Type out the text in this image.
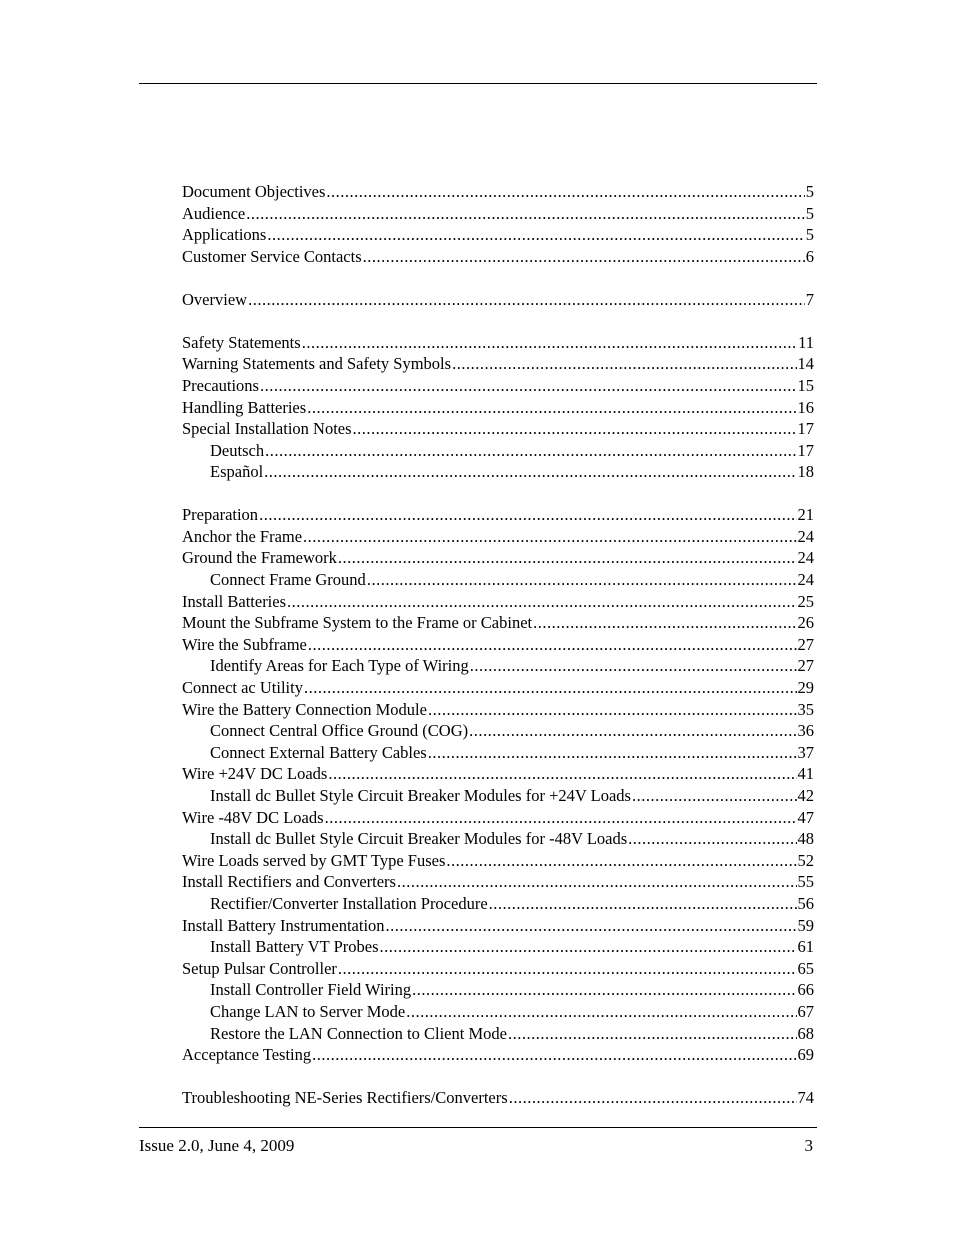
Document Objectives .....	5
Audience .....	5
Applications .....	5
Customer Service Contacts .....	6
Overview .....	7
Safety Statements .....	11
Warning Statements and Safety Symbols .....	14
Precautions .....	15
Handling Batteries .....	16
Special Installation Notes .....	17
Deutsch .....	17
Español .....	18
Preparation .....	21
Anchor the Frame .....	24
Ground the Framework .....	24
Connect Frame Ground .....	24
Install Batteries .....	25
Mount the Subframe System to the Frame or Cabinet .....	26
Wire the Subframe .....	27
Identify Areas for Each Type of Wiring .....	27
Connect ac Utility .....	29
Wire the Battery Connection Module .....	35
Connect Central Office Ground (COG) .....	36
Connect External Battery Cables .....	37
Wire +24V DC Loads .....	41
Install dc Bullet Style Circuit Breaker Modules for +24V Loads .....	42
Wire -48V DC Loads .....	47
Install dc Bullet Style Circuit Breaker Modules for -48V Loads .....	48
Wire Loads served by GMT Type Fuses .....	52
Install Rectifiers and Converters .....	55
Rectifier/Converter Installation Procedure .....	56
Install Battery Instrumentation .....	59
Install Battery VT Probes .....	61
Setup Pulsar Controller .....	65
Install Controller Field Wiring .....	66
Change LAN to Server Mode .....	67
Restore the LAN Connection to Client Mode .....	68
Acceptance Testing .....	69
Troubleshooting NE-Series Rectifiers/Converters .....	74
Issue 2.0, June 4, 2009	3
